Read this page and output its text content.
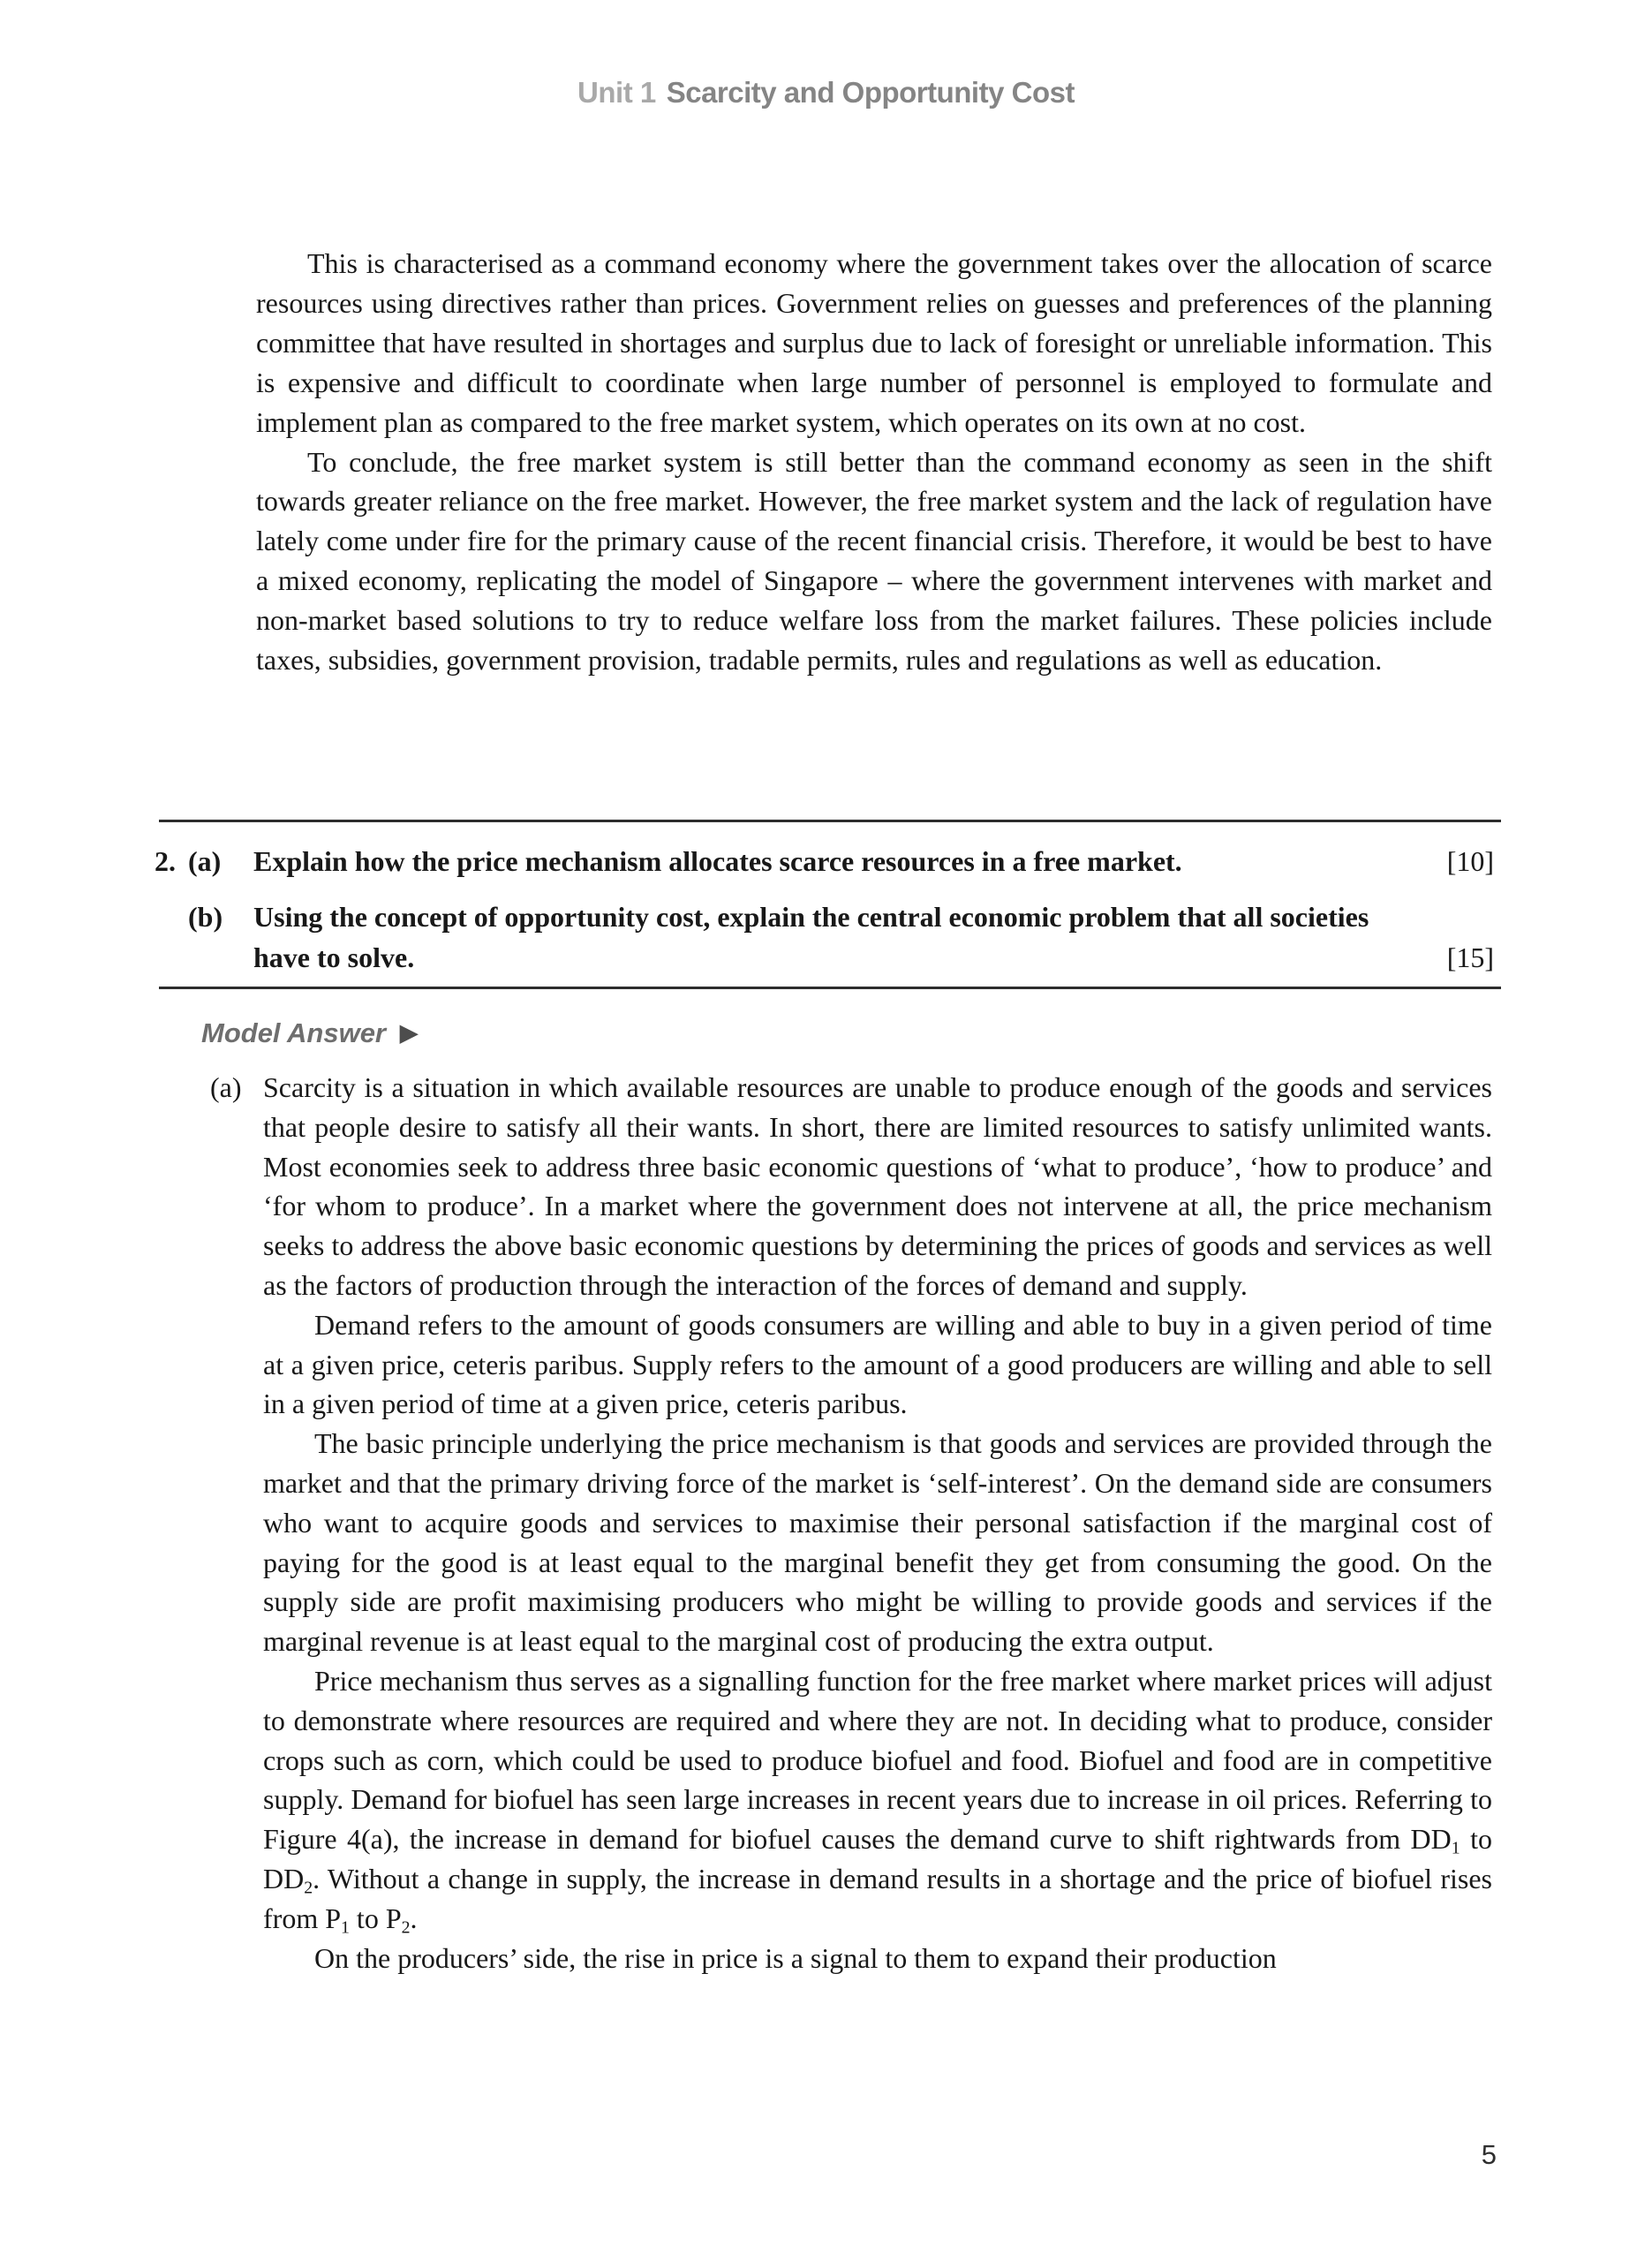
Unit 1 Scarcity and Opportunity Cost

This is characterised as a command economy where the government takes over the allocation of scarce resources using directives rather than prices. Government relies on guesses and preferences of the planning committee that have resulted in shortages and surplus due to lack of foresight or unreliable information. This is expensive and difficult to coordinate when large number of personnel is employed to formulate and implement plan as compared to the free market system, which operates on its own at no cost.

To conclude, the free market system is still better than the command economy as seen in the shift towards greater reliance on the free market. However, the free market system and the lack of regulation have lately come under fire for the primary cause of the recent financial crisis. Therefore, it would be best to have a mixed economy, replicating the model of Singapore – where the government intervenes with market and non-market based solutions to try to reduce welfare loss from the market failures. These policies include taxes, subsidies, government provision, tradable permits, rules and regulations as well as education.

2. (a)	Explain how the price mechanism allocates scarce resources in a free market.	[10]
(b)	Using the concept of opportunity cost, explain the central economic problem that all societies have to solve.	[15]
Model Answer ▶
(a) Scarcity is a situation in which available resources are unable to produce enough of the goods and services that people desire to satisfy all their wants. In short, there are limited resources to satisfy unlimited wants. Most economies seek to address three basic economic questions of ‘what to produce’, ‘how to produce’ and ‘for whom to produce’. In a market where the government does not intervene at all, the price mechanism seeks to address the above basic economic questions by determining the prices of goods and services as well as the factors of production through the interaction of the forces of demand and supply.

Demand refers to the amount of goods consumers are willing and able to buy in a given period of time at a given price, ceteris paribus. Supply refers to the amount of a good producers are willing and able to sell in a given period of time at a given price, ceteris paribus.

The basic principle underlying the price mechanism is that goods and services are provided through the market and that the primary driving force of the market is ‘self-interest’. On the demand side are consumers who want to acquire goods and services to maximise their personal satisfaction if the marginal cost of paying for the good is at least equal to the marginal benefit they get from consuming the good. On the supply side are profit maximising producers who might be willing to provide goods and services if the marginal revenue is at least equal to the marginal cost of producing the extra output.

Price mechanism thus serves as a signalling function for the free market where market prices will adjust to demonstrate where resources are required and where they are not. In deciding what to produce, consider crops such as corn, which could be used to produce biofuel and food. Biofuel and food are in competitive supply. Demand for biofuel has seen large increases in recent years due to increase in oil prices. Referring to Figure 4(a), the increase in demand for biofuel causes the demand curve to shift rightwards from $DD_1$ to $DD_2$. Without a change in supply, the increase in demand results in a shortage and the price of biofuel rises from $P_1$ to $P_2$.

On the producers’ side, the rise in price is a signal to them to expand their production

5
